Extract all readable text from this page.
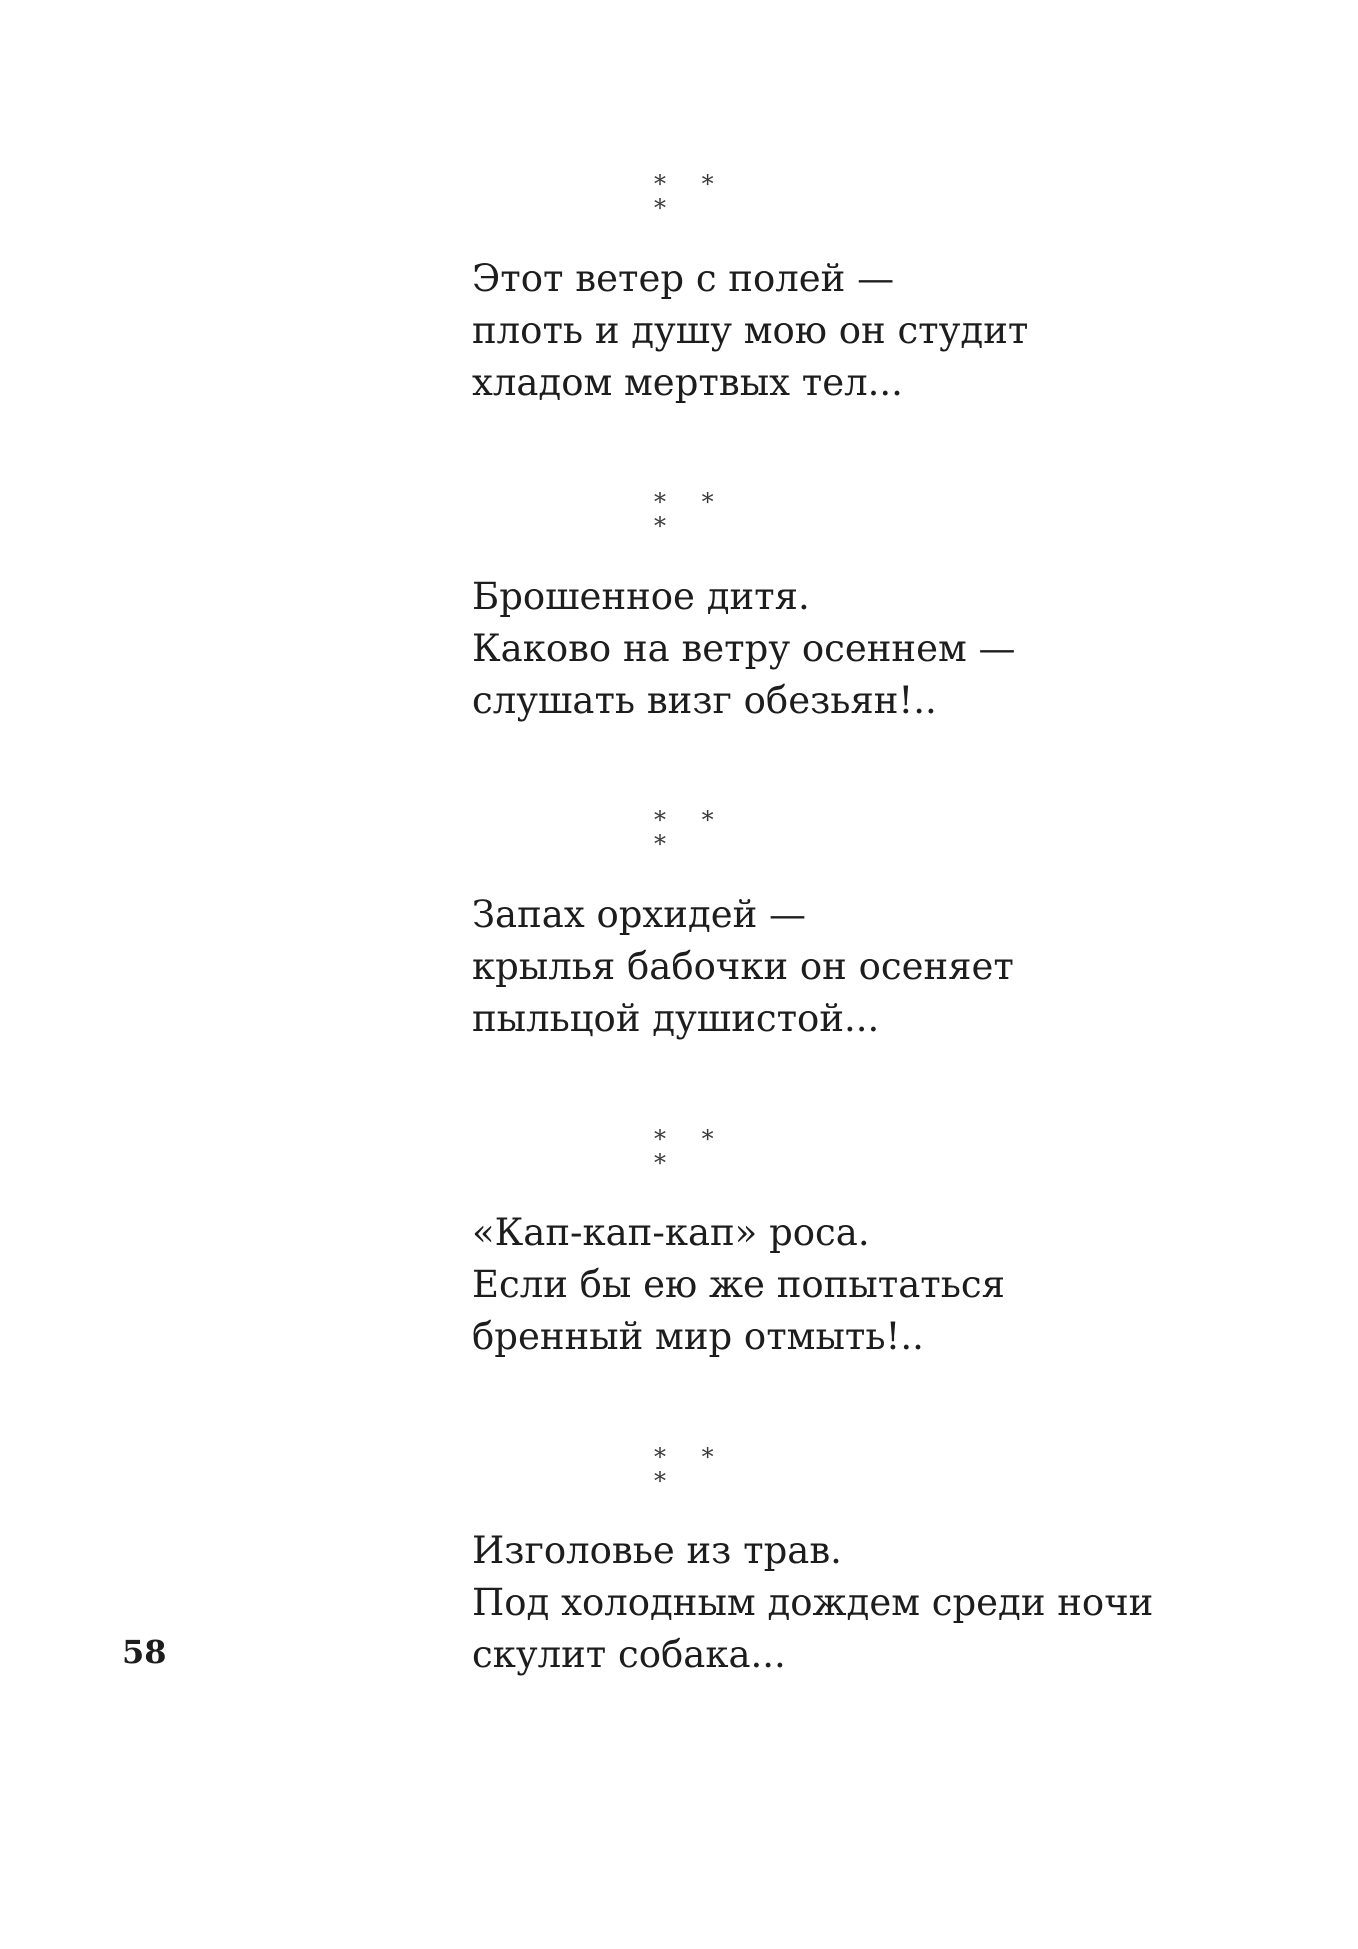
* * *
Этот ветер с полей —
плоть и душу мою он студит
хладом мертвых тел...
* * *
Брошенное дитя.
Каково на ветру осеннем —
слушать визг обезьян!..
* * *
Запах орхидей —
крылья бабочки он осеняет
пыльцой душистой...
* * *
«Кап-кап-кап» роса.
Если бы ею же попытаться
бренный мир отмыть!..
* * *
Изголовье из трав.
Под холодным дождем среди ночи
скулит собака...
58
